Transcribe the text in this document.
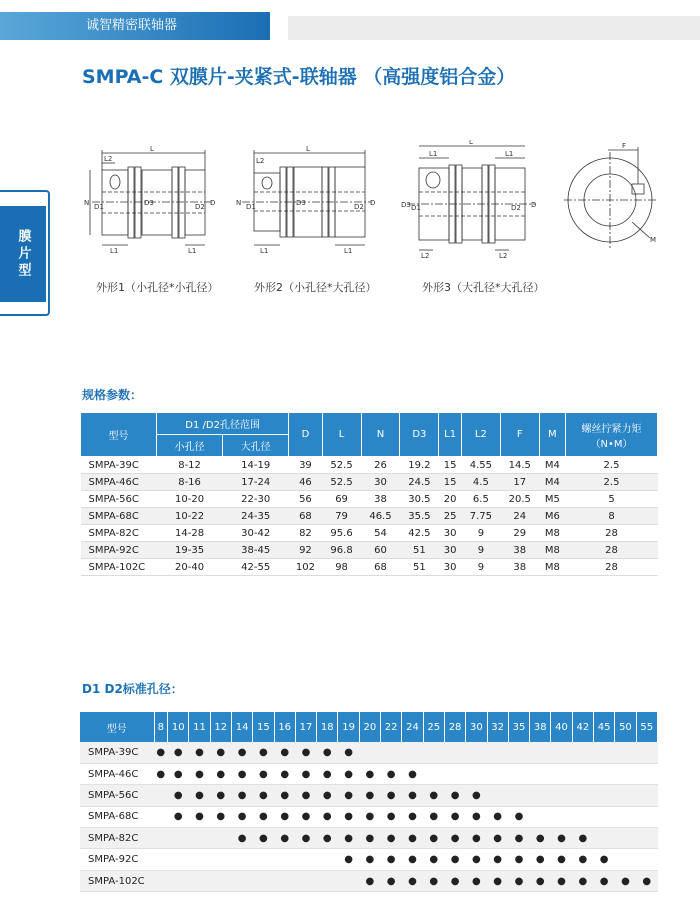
诚智精密联轴器
SMPA-C 双膜片-夹紧式-联轴器 （高强度铝合金）
膜片型
L
L2
L1	L1
N D1	D3	D2 D
外形1（小孔径*小孔径）
L
L2
L1	L1
N D1	D3	D2 D
外形2（小孔径*大孔径）
L
L1	L1
L2	L2
D3 D1	D2 D
外形3（大孔径*大孔径）
F
M
规格参数：
型号	D1 /D2孔径范围		D	L	N	D3	L1	L2	F	M	螺丝拧紧力矩（N•M）
	小孔径	大孔径									
SMPA-39C	8-12	14-19	39	52.5	26	19.2	15	4.55	14.5	M4	2.5
SMPA-46C	8-16	17-24	46	52.5	30	24.5	15	4.5	17	M4	2.5
SMPA-56C	10-20	22-30	56	69	38	30.5	20	6.5	20.5	M5	5
SMPA-68C	10-22	24-35	68	79	46.5	35.5	25	7.75	24	M6	8
SMPA-82C	14-28	30-42	82	95.6	54	42.5	30	9	29	M8	28
SMPA-92C	19-35	38-45	92	96.8	60	51	30	9	38	M8	28
SMPA-102C	20-40	42-55	102	98	68	51	30	9	38	M8	28
D1 D2标准孔径：
型号	8	10	11	12	14	15	16	17	18	19	20	22	24	25	28	30	32	35	38	40	42	45	50	55
SMPA-39C	●	●	●	●	●	●	●	●	●	●														
SMPA-46C	●	●	●	●	●	●	●	●	●	●	●	●	●											
SMPA-56C		●	●	●	●	●	●	●	●	●	●	●	●	●	●	●								
SMPA-68C		●	●	●	●	●	●	●	●	●	●	●	●	●	●	●	●	●						
SMPA-82C					●	●	●	●	●	●	●	●	●	●	●	●	●	●	●	●	●			
SMPA-92C										●	●	●	●	●	●	●	●	●	●	●	●	●		
SMPA-102C											●	●	●	●	●	●	●	●	●	●	●	●	●	●
